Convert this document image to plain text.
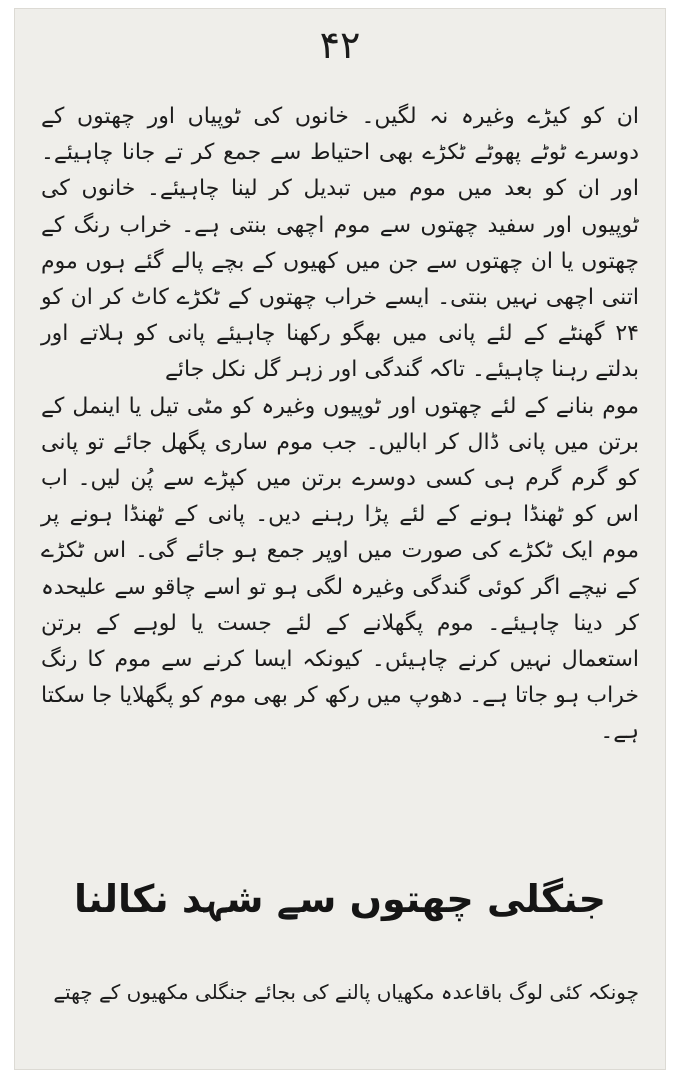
۴۲

ان کو کیڑے وغیرہ نہ لگیں۔ خانوں کی ٹوپیاں اور چھتوں کے دوسرے ٹوٹے پھوٹے ٹکڑے بھی احتیاط سے جمع کر تے جانا چاہیئے۔ اور ان کو بعد میں موم میں تبدیل کر لینا چاہیئے۔ خانوں کی ٹوپیوں اور سفید چھتوں سے موم اچھی بنتی ہے۔ خراب رنگ کے چھتوں یا ان چھتوں سے جن میں کھیوں کے بچے پالے گئے ہوں موم اتنی اچھی نہیں بنتی۔ ایسے خراب چھتوں کے ٹکڑے کاٹ کر ان کو ۲۴ گھنٹے کے لئے پانی میں بھگو رکھنا چاہیئے پانی کو ہلاتے اور بدلتے رہنا چاہیئے۔ تاکہ گندگی اور زہر گل نکل جائے

موم بنانے کے لئے چھتوں اور ٹوپیوں وغیرہ کو مٹی تیل یا اینمل کے برتن میں پانی ڈال کر ابالیں۔ جب موم ساری پگھل جائے تو پانی کو گرم گرم ہی کسی دوسرے برتن میں کپڑے سے پُن لیں۔ اب اس کو ٹھنڈا ہونے کے لئے پڑا رہنے دیں۔ پانی کے ٹھنڈا ہونے پر موم ایک ٹکڑے کی صورت میں اوپر جمع ہو جائے گی۔ اس ٹکڑے کے نیچے اگر کوئی گندگی وغیرہ لگی ہو تو اسے چاقو سے علیحدہ کر دینا چاہیئے۔ موم پگھلانے کے لئے جست یا لوہے کے برتن استعمال نہیں کرنے چاہیئں۔ کیونکہ ایسا کرنے سے موم کا رنگ خراب ہو جاتا ہے۔ دھوپ میں رکھ کر بھی موم کو پگھلایا جا سکتا ہے۔

جنگلی چھتوں سے شہد نکالنا
چونکہ کئی لوگ باقاعدہ مکھیاں پالنے کی بجائے جنگلی مکھیوں کے چھتے
